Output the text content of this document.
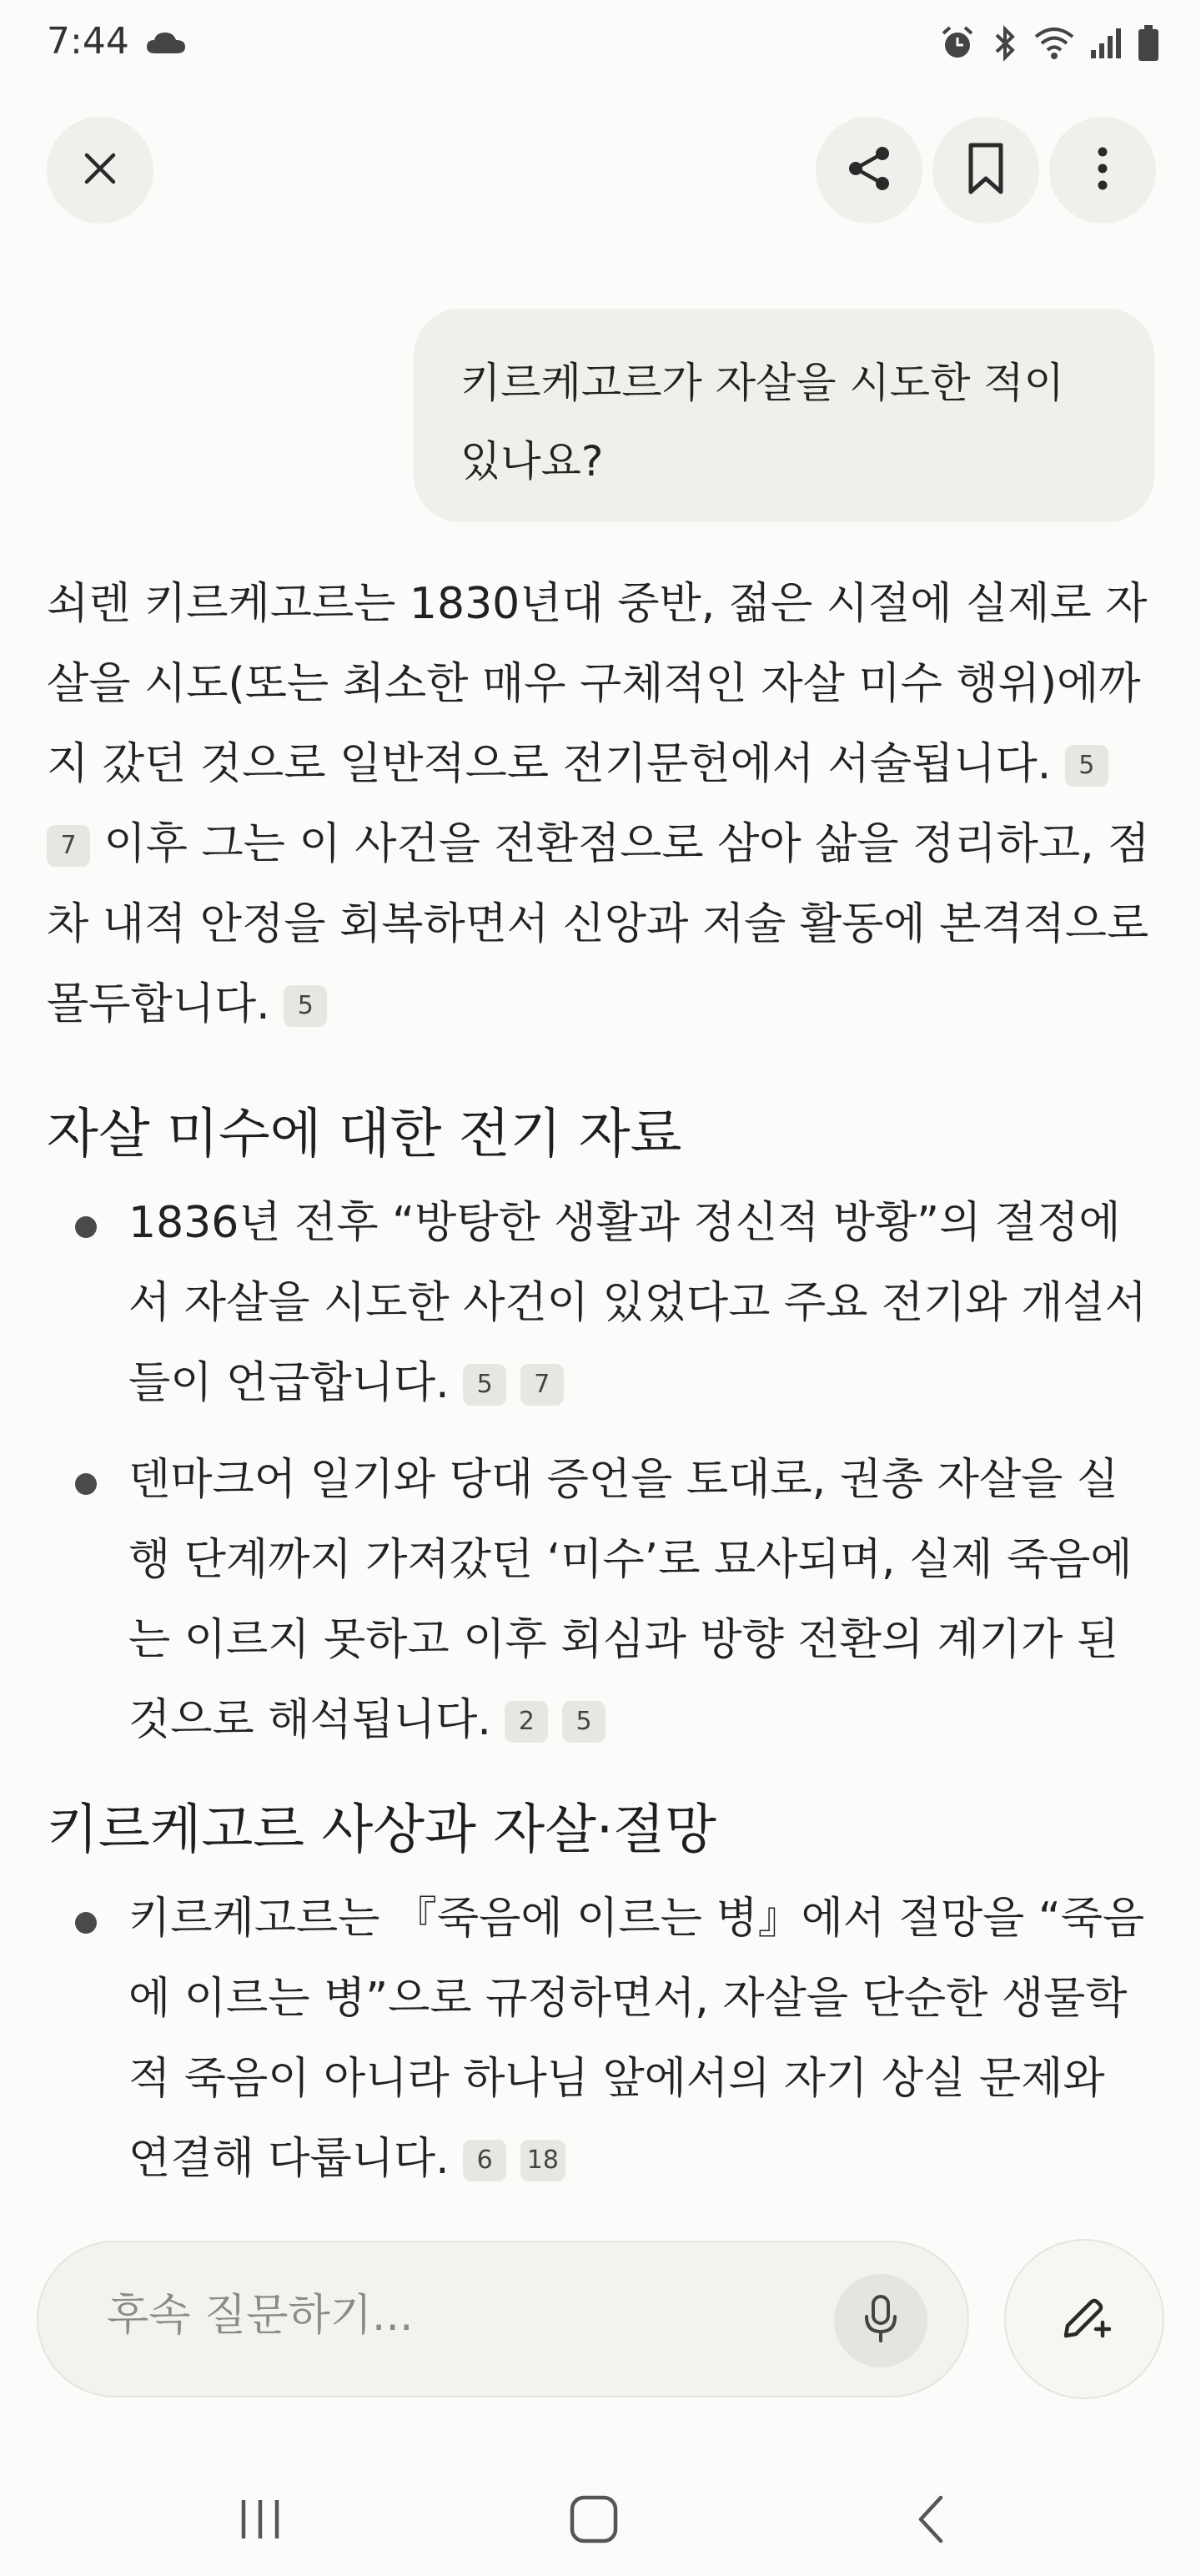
7:44
키르케고르가 자살을 시도한 적이 있나요?

쇠렌 키르케고르는 1830년대 중반, 젊은 시절에 실제로 자살을 시도(또는 최소한 매우 구체적인 자살 미수 행위)에까지 갔던 것으로 일반적으로 전기문헌에서 서술됩니다. 5 7 이후 그는 이 사건을 전환점으로 삼아 삶을 정리하고, 점차 내적 안정을 회복하면서 신앙과 저술 활동에 본격적으로 몰두합니다. 5

자살 미수에 대한 전기 자료
1836년 전후 “방탕한 생활과 정신적 방황”의 절정에서 자살을 시도한 사건이 있었다고 주요 전기와 개설서들이 언급합니다. 5 7
덴마크어 일기와 당대 증언을 토대로, 권총 자살을 실행 단계까지 가져갔던 ‘미수’로 묘사되며, 실제 죽음에는 이르지 못하고 이후 회심과 방향 전환의 계기가 된 것으로 해석됩니다. 2 5
키르케고르 사상과 자살·절망
키르케고르는 『죽음에 이르는 병』에서 절망을 “죽음에 이르는 병”으로 규정하면서, 자살을 단순한 생물학적 죽음이 아니라 하나님 앞에서의 자기 상실 문제와 연결해 다룹니다. 6 18
후속 질문하기...
